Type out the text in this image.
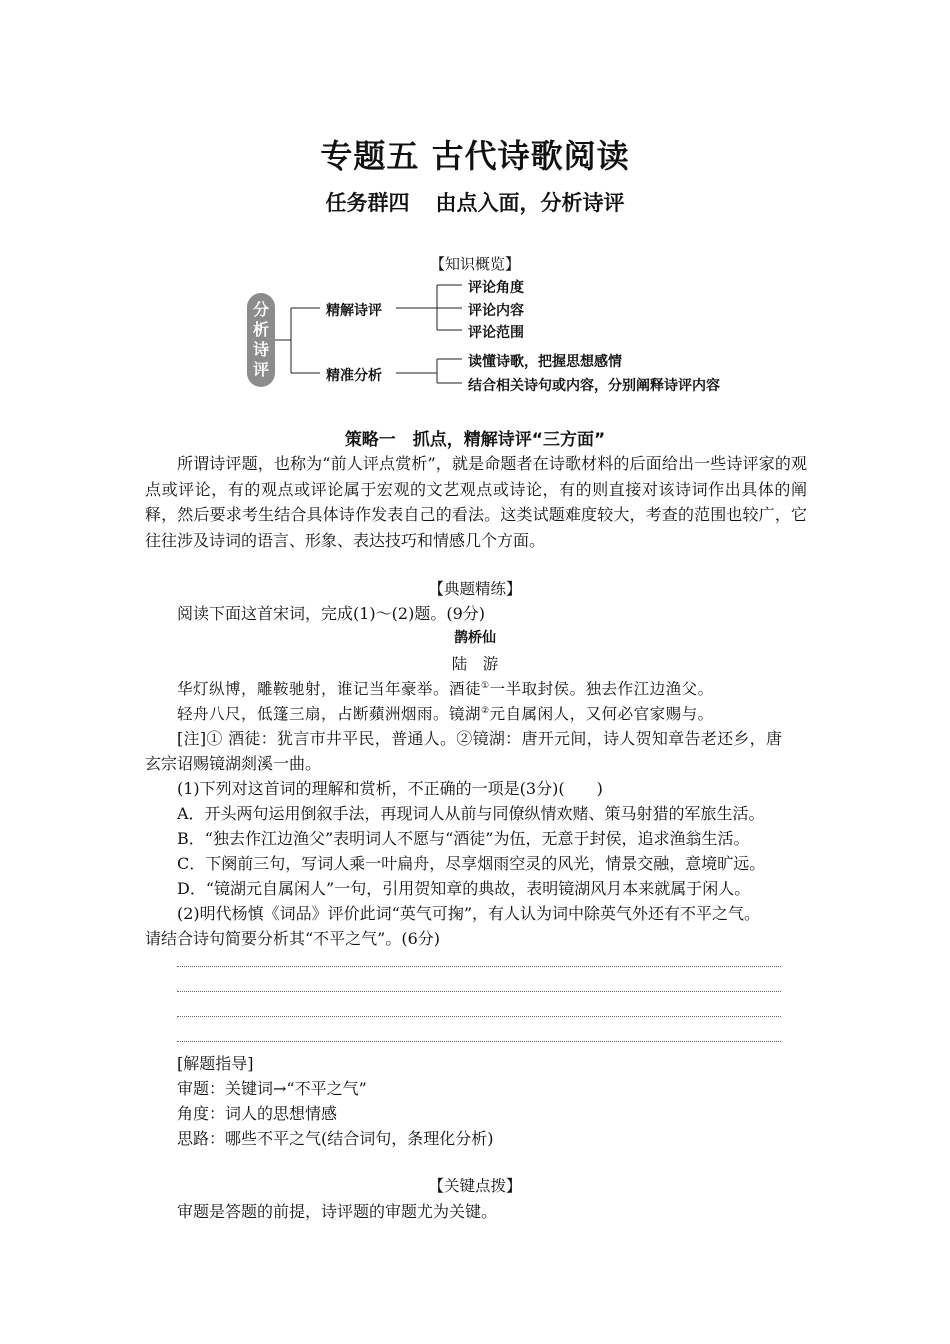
专题五 古代诗歌阅读
任务群四 由点入面，分析诗评
【知识概览】
分
析
诗
评
精解诗评
评论角度
评论内容
评论范围
精准分析
读懂诗歌，把握思想感情
结合相关诗句或内容，分别阐释诗评内容
策略一　抓点，精解诗评“三方面”
所谓诗评题，也称为“前人评点赏析”，就是命题者在诗歌材料的后面给出一些诗评家的观点或评论，有的观点或评论属于宏观的文艺观点或诗论，有的则直接对该诗词作出具体的阐释，然后要求考生结合具体诗作发表自己的看法。这类试题难度较大，考查的范围也较广，它往往涉及诗词的语言、形象、表达技巧和情感几个方面。
【典题精练】
阅读下面这首宋词，完成(1)～(2)题。(9分)
鹊桥仙
陆　游
华灯纵博，雕鞍驰射，谁记当年豪举。酒徒①一半取封侯。独去作江边渔父。
轻舟八尺，低篷三扇，占断蘋洲烟雨。镜湖②元自属闲人，又何必官家赐与。
[注]① 酒徒：犹言市井平民，普通人。②镜湖：唐开元间，诗人贺知章告老还乡，唐
玄宗诏赐镜湖剡溪一曲。
(1)下列对这首词的理解和赏析，不正确的一项是(3分)(　　)
A．开头两句运用倒叙手法，再现词人从前与同僚纵情欢赌、策马射猎的军旅生活。
B．“独去作江边渔父”表明词人不愿与“酒徒”为伍，无意于封侯，追求渔翁生活。
C．下阕前三句，写词人乘一叶扁舟，尽享烟雨空灵的风光，情景交融，意境旷远。
D．“镜湖元自属闲人”一句，引用贺知章的典故，表明镜湖风月本来就属于闲人。
(2)明代杨慎《词品》评价此词“英气可掬”，有人认为词中除英气外还有不平之气。
请结合诗句简要分析其“不平之气”。(6分)
[解题指导]
审题：关键词→“不平之气”
角度：词人的思想情感
思路：哪些不平之气(结合词句，条理化分析)
【关键点拨】
审题是答题的前提，诗评题的审题尤为关键。
